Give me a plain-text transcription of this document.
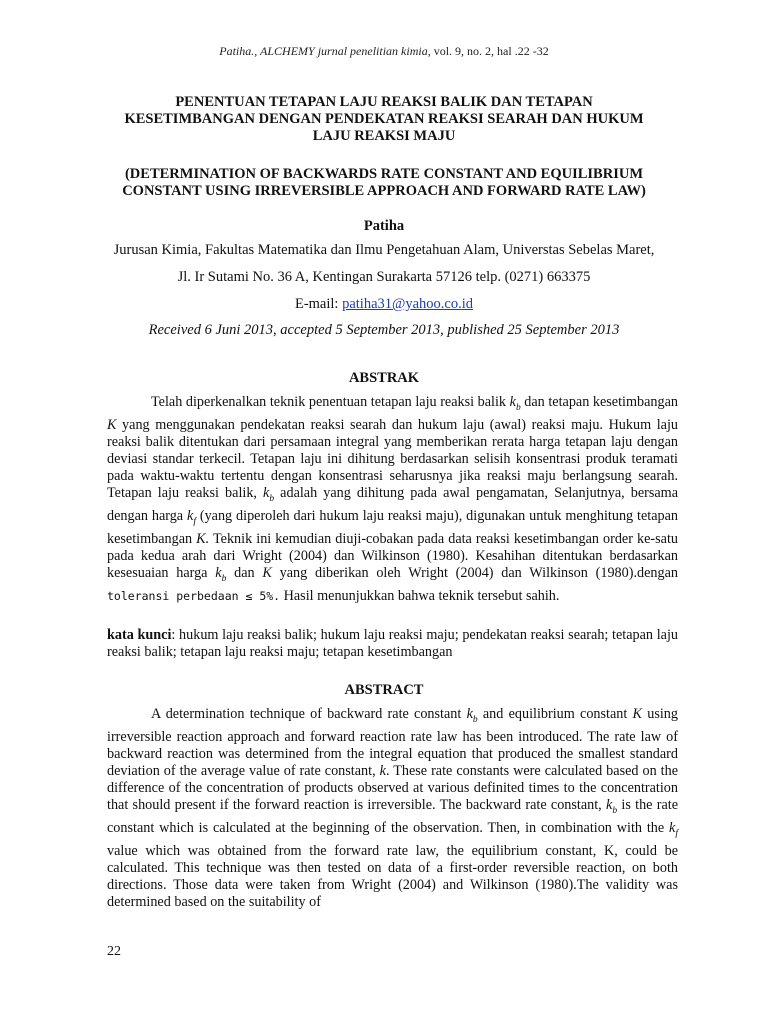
Patiha., ALCHEMY jurnal penelitian kimia, vol. 9, no. 2, hal .22 -32
PENENTUAN TETAPAN LAJU REAKSI BALIK DAN TETAPAN
KESETIMBANGAN DENGAN PENDEKATAN REAKSI SEARAH DAN HUKUM
LAJU REAKSI MAJU
(DETERMINATION OF BACKWARDS RATE CONSTANT AND EQUILIBRIUM
CONSTANT USING IRREVERSIBLE APPROACH AND FORWARD RATE LAW)
Patiha
Jurusan Kimia, Fakultas Matematika dan Ilmu Pengetahuan Alam, Universtas Sebelas Maret,
Jl. Ir Sutami No. 36 A, Kentingan Surakarta 57126 telp. (0271) 663375
E-mail: patiha31@yahoo.co.id
Received 6 Juni 2013, accepted 5 September 2013, published 25 September 2013
ABSTRAK

Telah diperkenalkan teknik penentuan tetapan laju reaksi balik $k_b$ dan tetapan kesetimbangan K yang menggunakan pendekatan reaksi searah dan hukum laju (awal) reaksi maju. Hukum laju reaksi balik ditentukan dari persamaan integral yang memberikan rerata harga tetapan laju dengan deviasi standar terkecil. Tetapan laju ini dihitung berdasarkan selisih konsentrasi produk teramati pada waktu-waktu tertentu dengan konsentrasi seharusnya jika reaksi maju berlangsung searah. Tetapan laju reaksi balik, $k_b$ adalah yang dihitung pada awal pengamatan, Selanjutnya, bersama dengan harga $k_f$ (yang diperoleh dari hukum laju reaksi maju), digunakan untuk menghitung tetapan kesetimbangan K. Teknik ini kemudian diuji-cobakan pada data reaksi kesetimbangan order ke-satu pada kedua arah dari Wright (2004) dan Wilkinson (1980). Kesahihan ditentukan berdasarkan kesesuaian harga $k_b$ dan K yang diberikan oleh Wright (2004) dan Wilkinson (1980).dengan toleransi perbedaan ≤ 5%. Hasil menunjukkan bahwa teknik tersebut sahih.

kata kunci: hukum laju reaksi balik; hukum laju reaksi maju; pendekatan reaksi searah; tetapan laju reaksi balik; tetapan laju reaksi maju; tetapan kesetimbangan
ABSTRACT

A determination technique of backward rate constant $k_b$ and equilibrium constant K using irreversible reaction approach and forward reaction rate law has been introduced. The rate law of backward reaction was determined from the integral equation that produced the smallest standard deviation of the average value of rate constant, k. These rate constants were calculated based on the difference of the concentration of products observed at various definited times to the concentration that should present if the forward reaction is irreversible. The backward rate constant, $k_b$ is the rate constant which is calculated at the beginning of the observation. Then, in combination with the $k_f$ value which was obtained from the forward rate law, the equilibrium constant, K, could be calculated. This technique was then tested on data of a first-order reversible reaction, on both directions. Those data were taken from Wright (2004) and Wilkinson (1980).The validity was determined based on the suitability of

22
